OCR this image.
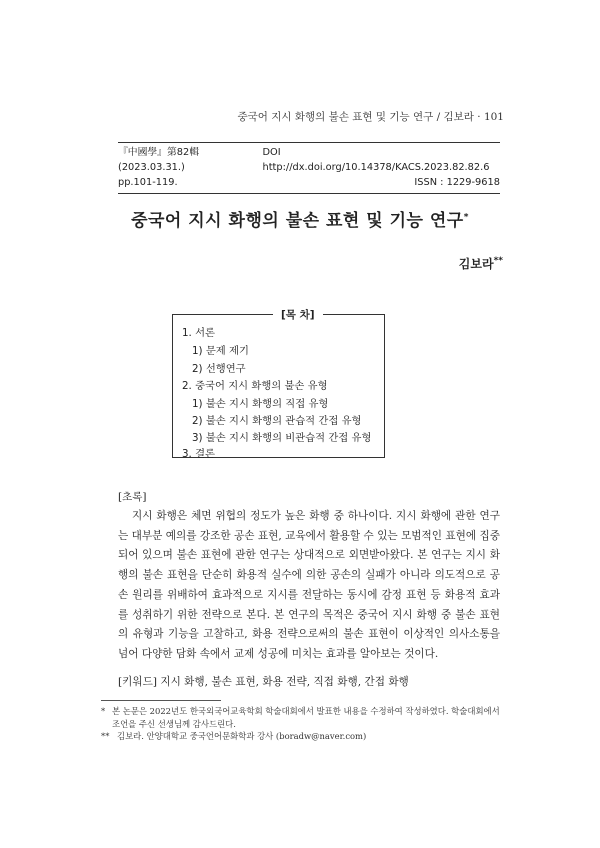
중국어 지시 화행의 불손 표현 및 기능 연구 / 김보라 · 101
『中國學』第82輯 (2023.03.31.)
DOI http://dx.doi.org/10.14378/KACS.2023.82.82.6
pp.101-119.	ISSN : 1229-9618
중국어 지시 화행의 불손 표현 및 기능 연구*
김보라**
1. 서론
1) 문제 제기
2) 선행연구
2. 중국어 지시 화행의 불손 유형
1) 불손 지시 화행의 직접 유형
2) 불손 지시 화행의 관습적 간접 유형
3) 불손 지시 화행의 비관습적 간접 유형
3. 결론
[목 차]
[초록]
지시 화행은 체면 위협의 정도가 높은 화행 중 하나이다. 지시 화행에 관한 연구는 대부분 예의를 강조한 공손 표현, 교육에서 활용할 수 있는 모범적인 표현에 집중되어 있으며 불손 표현에 관한 연구는 상대적으로 외면받아왔다. 본 연구는 지시 화행의 불손 표현을 단순히 화용적 실수에 의한 공손의 실패가 아니라 의도적으로 공손 원리를 위배하여 효과적으로 지시를 전달하는 동시에 감정 표현 등 화용적 효과를 성취하기 위한 전략으로 본다. 본 연구의 목적은 중국어 지시 화행 중 불손 표현의 유형과 기능을 고찰하고, 화용 전략으로써의 불손 표현이 이상적인 의사소통을 넘어 다양한 담화 속에서 교제 성공에 미치는 효과를 알아보는 것이다.
[키워드] 지시 화행, 불손 표현, 화용 전략, 직접 화행, 간접 화행
* 본 논문은 2022년도 한국외국어교육학회 학술대회에서 발표한 내용을 수정하여 작성하였다. 학술대회에서 조언을 주신 선생님께 감사드린다.
** 김보라. 안양대학교 중국언어문화학과 강사 (boradw@naver.com)
